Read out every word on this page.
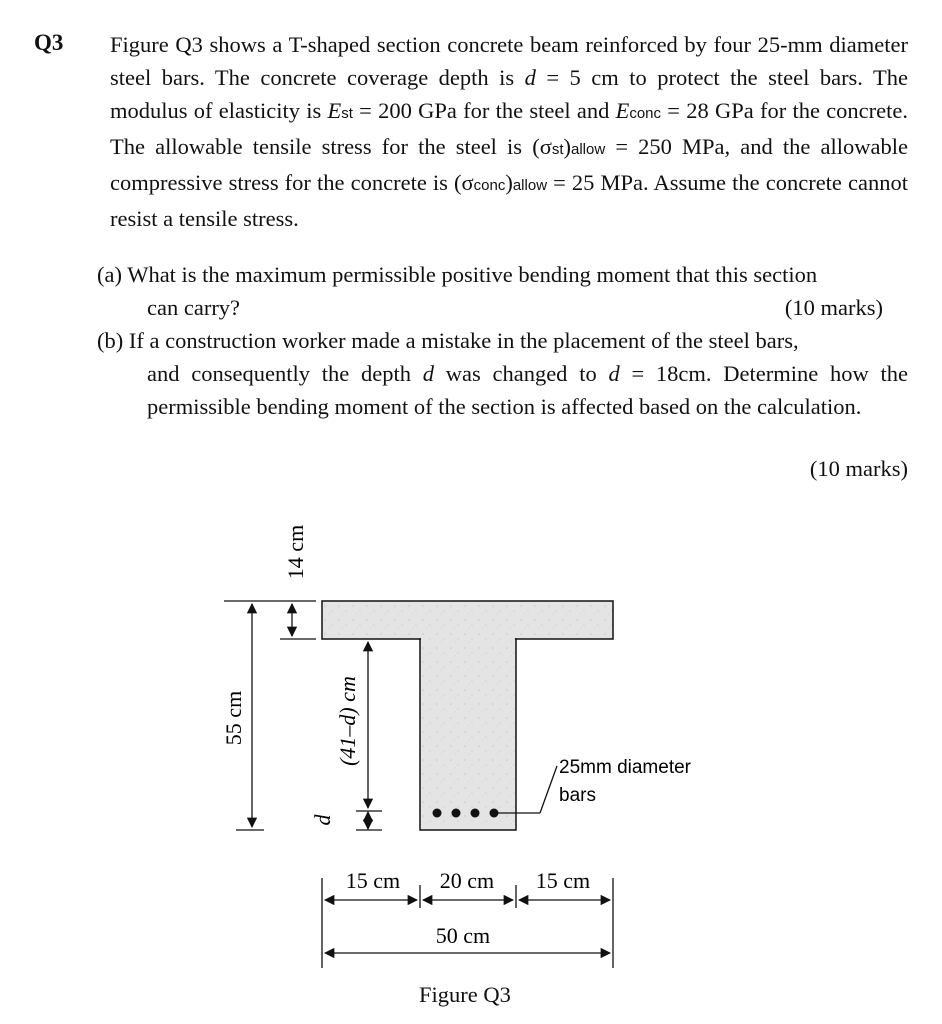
Q3 Figure Q3 shows a T-shaped section concrete beam reinforced by four 25-mm diameter steel bars. The concrete coverage depth is d = 5 cm to protect the steel bars. The modulus of elasticity is Est = 200 GPa for the steel and Econc = 28 GPa for the concrete. The allowable tensile stress for the steel is (σst)allow = 250 MPa, and the allowable compressive stress for the concrete is (σconc)allow = 25 MPa. Assume the concrete cannot resist a tensile stress.

(a) What is the maximum permissible positive bending moment that this section
can carry?	(10 marks)
(b) If a construction worker made a mistake in the placement of the steel bars,
and consequently the depth d was changed to d = 18cm. Determine how the permissible bending moment of the section is affected based on the calculation.

(10 marks)

25mm diameter
bars
55 cm
14 cm
(41–d) cm
d
15 cm 20 cm 15 cm
50 cm

Figure Q3
